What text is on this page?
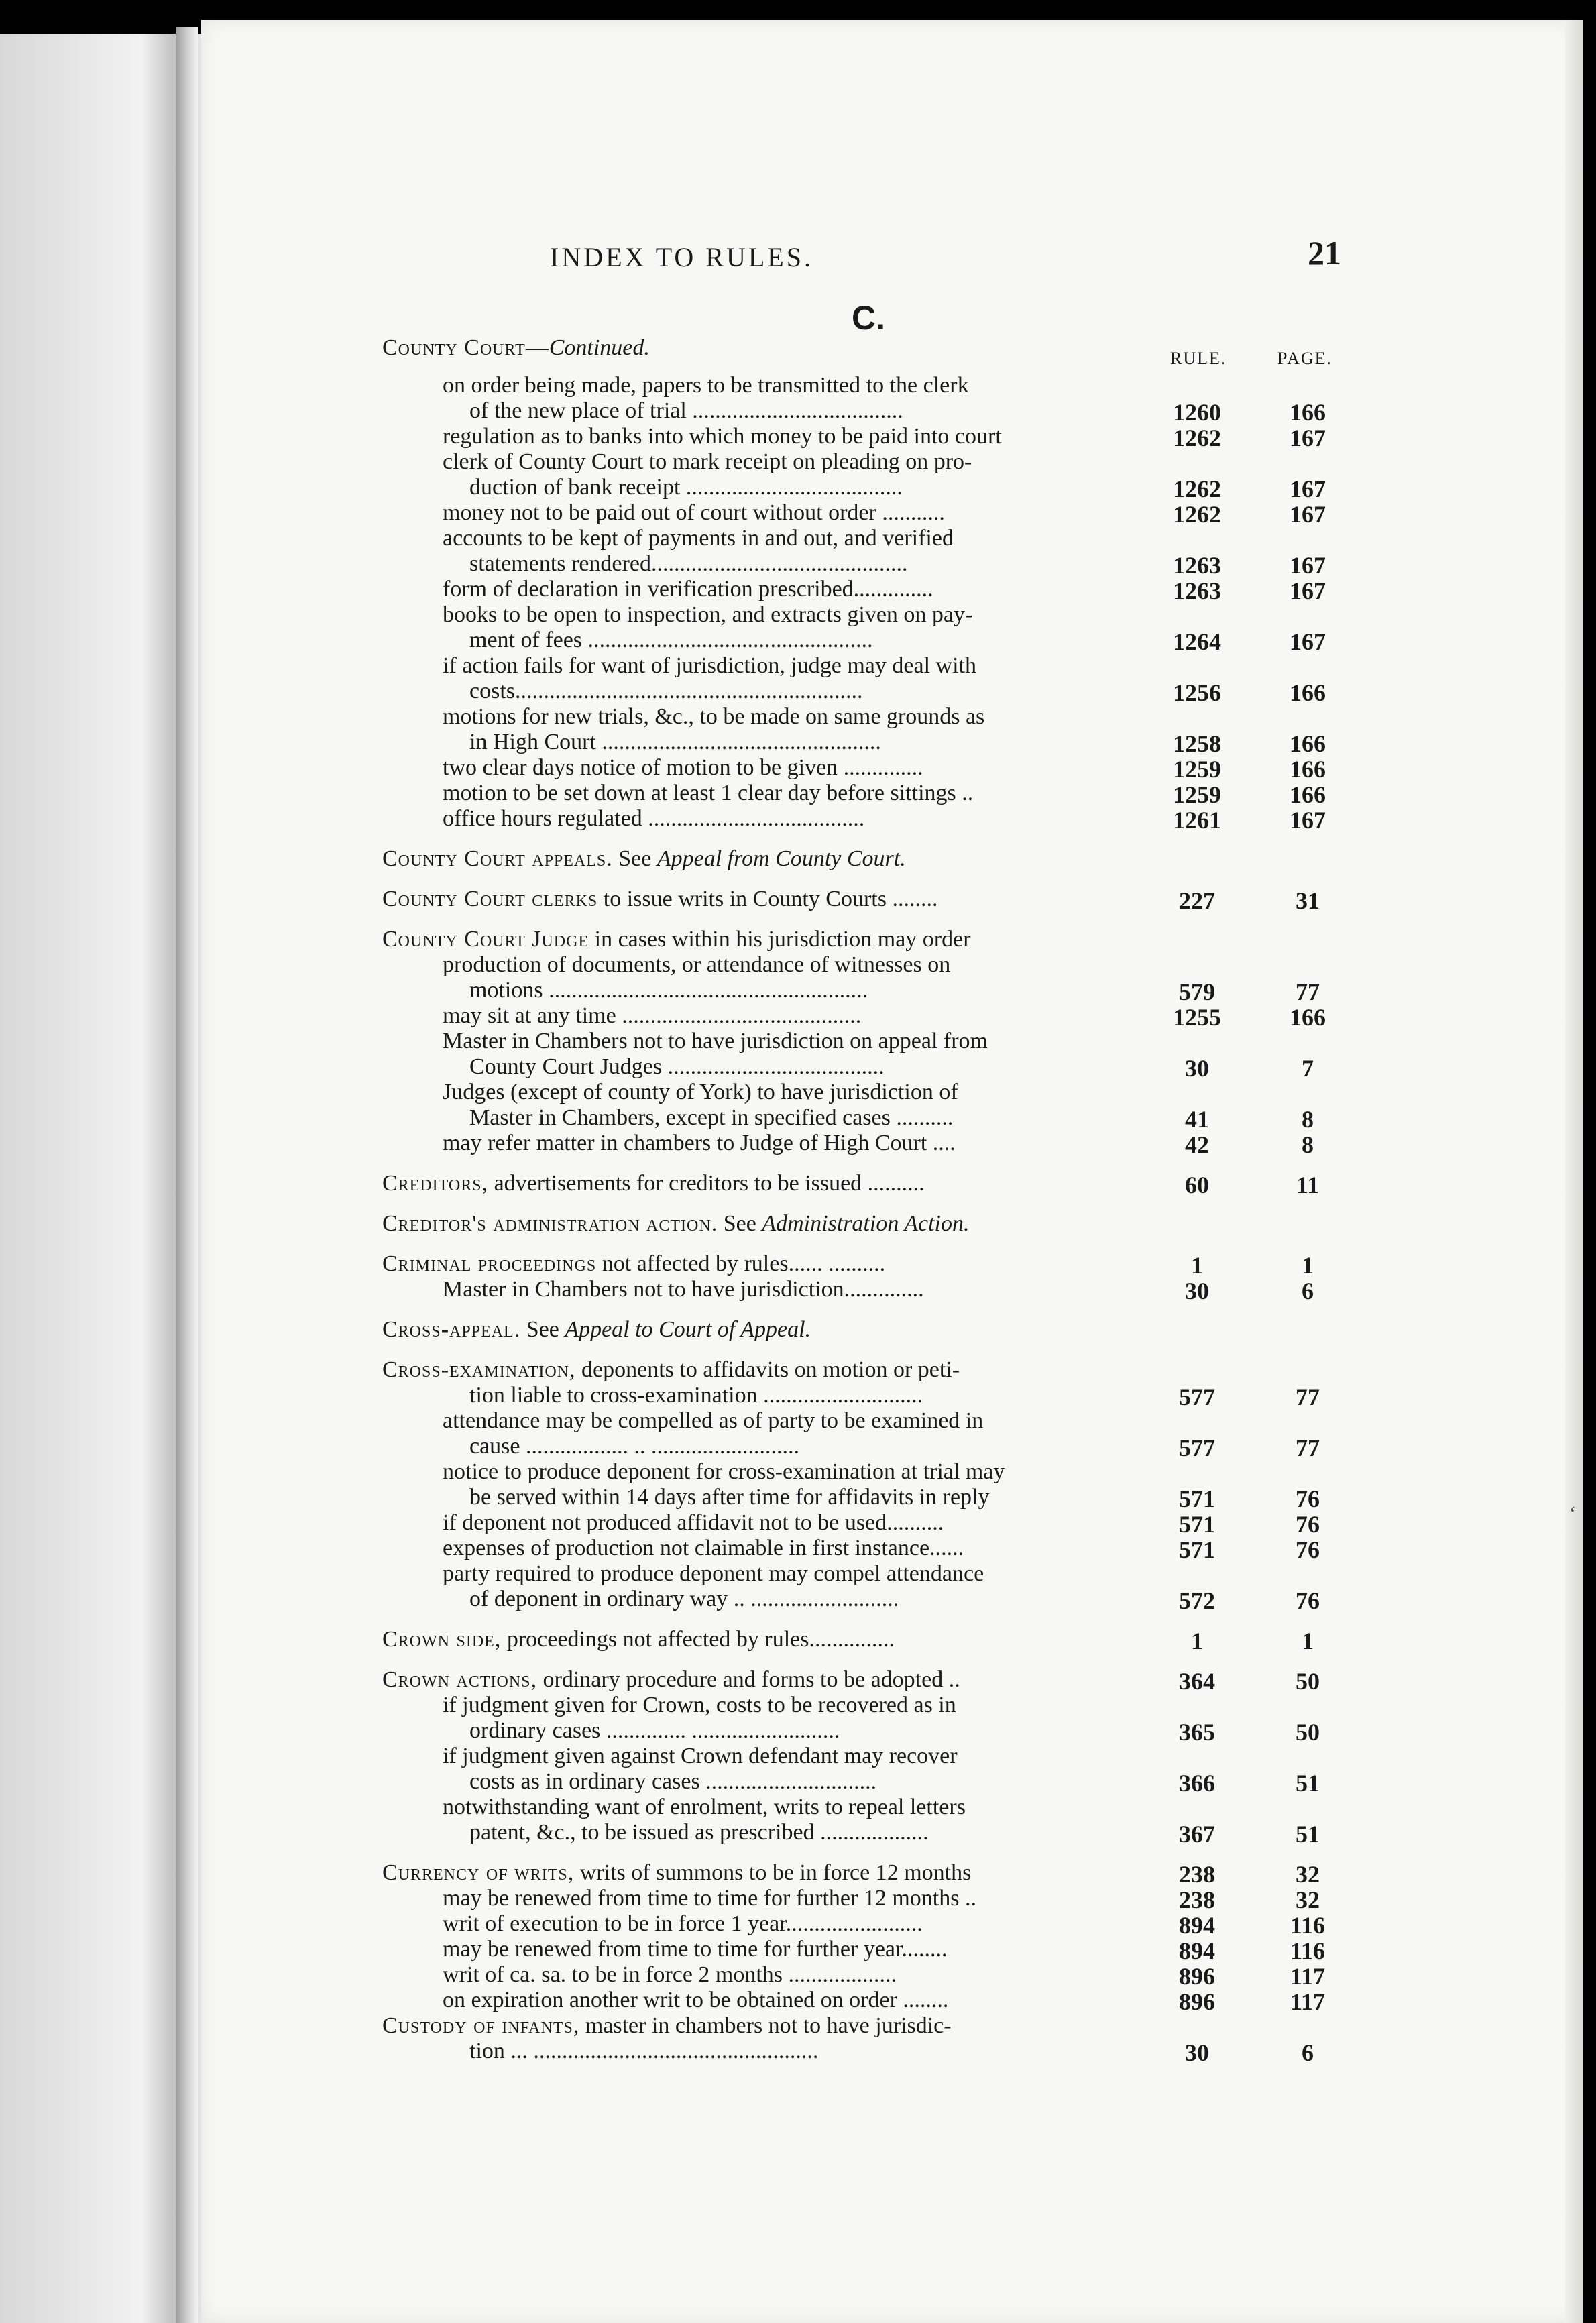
INDEX TO RULES.	21
C.
RULE.	PAGE.
County Court—Continued.
on order being made, papers to be transmitted to the clerk
of the new place of trial .....................................	1260	166
regulation as to banks into which money to be paid into court	1262	167
clerk of County Court to mark receipt on pleading on pro-
duction of bank receipt ......................................	1262	167
money not to be paid out of court without order ...........	1262	167
accounts to be kept of payments in and out, and verified
statements rendered.............................................	1263	167
form of declaration in verification prescribed..............	1263	167
books to be open to inspection, and extracts given on pay-
ment of fees ..................................................	1264	167
if action fails for want of jurisdiction, judge may deal with
costs.............................................................	1256	166
motions for new trials, &c., to be made on same grounds as
in High Court .................................................	1258	166
two clear days notice of motion to be given ..............	1259	166
motion to be set down at least 1 clear day before sittings ..	1259	166
office hours regulated ......................................	1261	167
County Court appeals. See Appeal from County Court.
County Court clerks to issue writs in County Courts ........	227	31
County Court Judge in cases within his jurisdiction may order
production of documents, or attendance of witnesses on
motions ........................................................	579	77
may sit at any time ..........................................	1255	166
Master in Chambers not to have jurisdiction on appeal from
County Court Judges ......................................	30	7
Judges (except of county of York) to have jurisdiction of
Master in Chambers, except in specified cases ..........	41	8
may refer matter in chambers to Judge of High Court ....	42	8
Creditors, advertisements for creditors to be issued ..........	60	11
Creditor's administration action. See Administration Action.
Criminal proceedings not affected by rules...... ..........	1	1
Master in Chambers not to have jurisdiction..............	30	6
Cross-appeal. See Appeal to Court of Appeal.
Cross-examination, deponents to affidavits on motion or peti-
tion liable to cross-examination ............................	577	77
attendance may be compelled as of party to be examined in
cause .................. .. ..........................	577	77
notice to produce deponent for cross-examination at trial may
be served within 14 days after time for affidavits in reply	571	76
if deponent not produced affidavit not to be used..........	571	76
expenses of production not claimable in first instance......	571	76
party required to produce deponent may compel attendance
of deponent in ordinary way .. ..........................	572	76
Crown side, proceedings not affected by rules...............	1	1
Crown actions, ordinary procedure and forms to be adopted ..	364	50
if judgment given for Crown, costs to be recovered as in
ordinary cases .............. ..........................	365	50
if judgment given against Crown defendant may recover
costs as in ordinary cases ..............................	366	51
notwithstanding want of enrolment, writs to repeal letters
patent, &c., to be issued as prescribed ...................	367	51
Currency of writs, writs of summons to be in force 12 months	238	32
may be renewed from time to time for further 12 months ..	238	32
writ of execution to be in force 1 year........................	894	116
may be renewed from time to time for further year........	894	116
writ of ca. sa. to be in force 2 months ...................	896	117
on expiration another writ to be obtained on order ........	896	117
Custody of infants, master in chambers not to have jurisdic-
tion ... ..................................................	30	6
‘
